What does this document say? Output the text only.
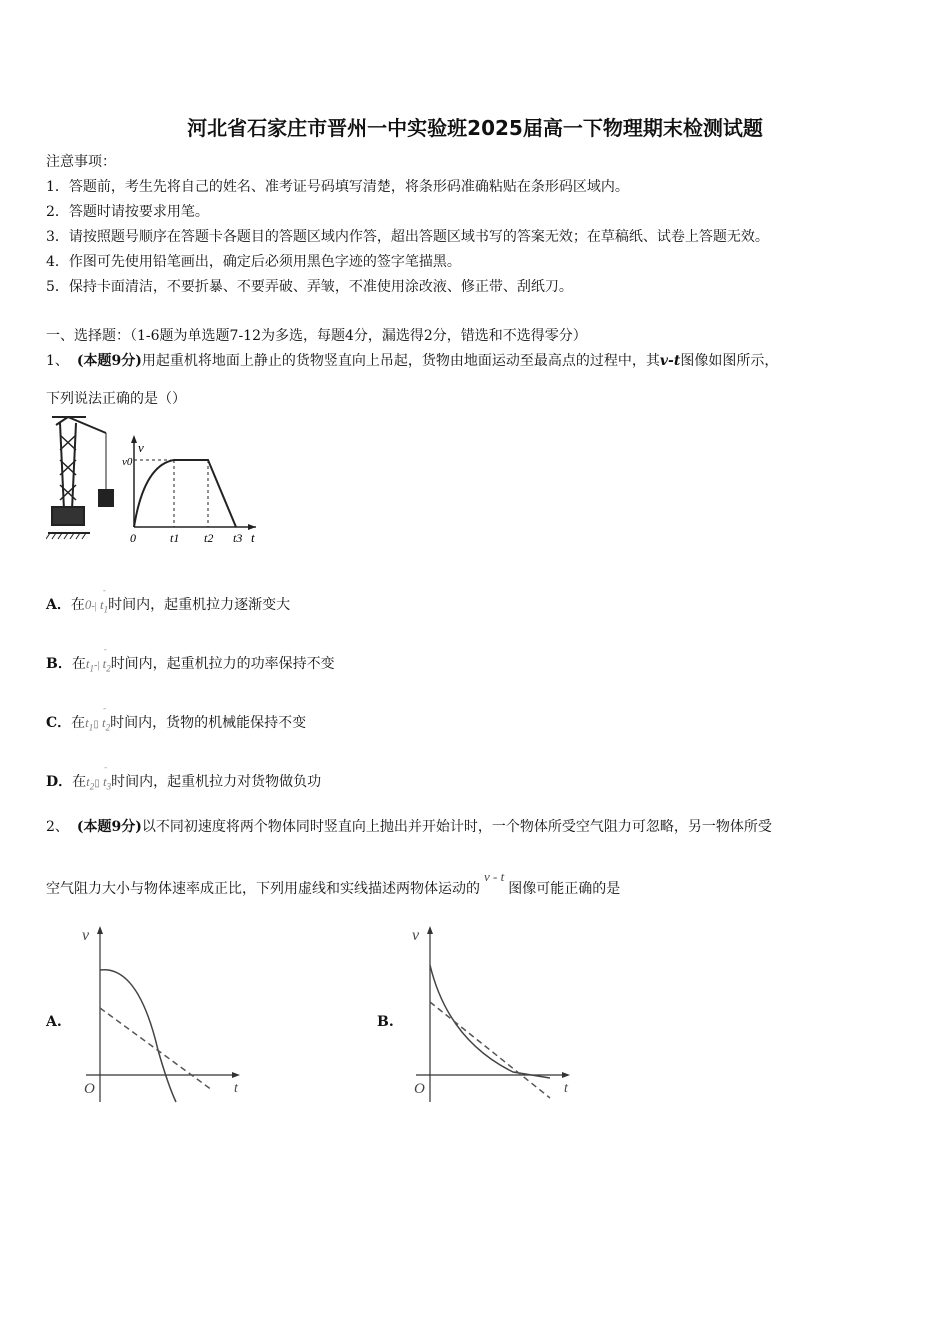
河北省石家庄市晋州一中实验班2025届高一下物理期末检测试题
注意事项：
1．答题前，考生先将自己的姓名、准考证号码填写清楚，将条形码准确粘贴在条形码区域内。
2．答题时请按要求用笔。
3．请按照题号顺序在答题卡各题目的答题区域内作答，超出答题区域书写的答案无效；在草稿纸、试卷上答题无效。
4．作图可先使用铅笔画出，确定后必须用黑色字迹的签字笔描黑。
5．保持卡面清洁，不要折暴、不要弄破、弄皱，不准使用涂改液、修正带、刮纸刀。
一、选择题：（1-6题为单选题7-12为多选，每题4分，漏选得2分，错选和不选得零分）
1、 (本题9分)用起重机将地面上静止的货物竖直向上吊起，货物由地面运动至最高点的过程中，其v-t图像如图所示，
下列说法正确的是（）
v
v0
0	t1 t2 t3 t
A．在
-
0-| $t_1$时间内，起重机拉力逐渐变大
B．在
-
$t_1-|$ $t_2$时间内，起重机拉力的功率保持不变
C．在
-
$t_1▯$ $t_2$时间内，货物的机械能保持不变
D．在
-
$t_2▯$ $t_3$时间内，起重机拉力对货物做负功
2、 (本题9分)以不同初速度将两个物体同时竖直向上抛出并开始计时，一个物体所受空气阻力可忽略，另一物体所受
空气阻力大小与物体速率成正比，下列用虚线和实线描述两物体运动的v - t图像可能正确的是
A.
v
O	t
B.
v
O	t
